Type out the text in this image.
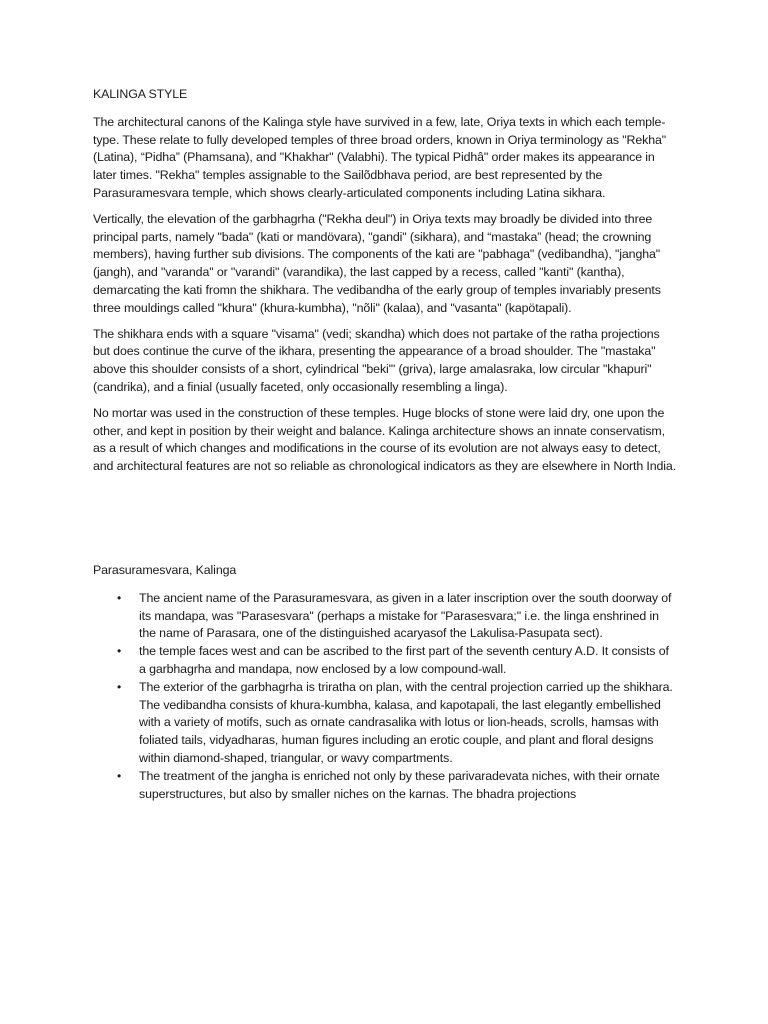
KALINGA STYLE

The architectural canons of the Kalinga style have survived in a few, late, Oriya texts in which each temple-type. These relate to fully developed temples of three broad orders, known in Oriya terminology as "Rekha" (Latina), “Pidha” (Phamsana), and "Khakhar" (Valabhi). The typical Pidhâ" order makes its appearance in later times. "Rekha" temples assignable to the Sailõdbhava period, are best represented by the Parasuramesvara temple, which shows clearly-articulated components including Latina sikhara.

Vertically, the elevation of the garbhagrha ("Rekha deul") in Oriya texts may broadly be divided into three principal parts, namely "bada" (kati or mandövara), "gandi" (sikhara), and “mastaka” (head; the crowning members), having further sub divisions. The components of the kati are "pabhaga" (vedibandha), "jangha" (jangh), and "varanda" or "varandi" (varandika), the last capped by a recess, called "kanti" (kantha), demarcating the kati fromn the shikhara. The vedibandha of the early group of temples invariably presents three mouldings called "khura" (khura-kumbha), "nõli" (kalaa), and "vasanta" (kapötapali).

The shikhara ends with a square "visama" (vedi; skandha) which does not partake of the ratha projections but does continue the curve of the ikhara, presenting the appearance of a broad shoulder. The "mastaka" above this shoulder consists of a short, cylindrical "beki'" (griva), large amalasraka, low circular "khapuri" (candrika), and a finial (usually faceted, only occasionally resembling a linga).

No mortar was used in the construction of these temples. Huge blocks of stone were laid dry, one upon the other, and kept in position by their weight and balance. Kalinga architecture shows an innate conservatism, as a result of which changes and modifications in the course of its evolution are not always easy to detect, and architectural features are not so reliable as chronological indicators as they are elsewhere in North India.

Parasuramesvara, Kalinga

• The ancient name of the Parasuramesvara, as given in a later inscription over the south doorway of its mandapa, was "Parasesvara" (perhaps a mistake for "Parasesvara;" i.e. the linga enshrined in the name of Parasara, one of the distinguished acaryasof the Lakulisa-Pasupata sect).
• the temple faces west and can be ascribed to the first part of the seventh century A.D. It consists of a garbhagrha and mandapa, now enclosed by a low compound-wall.
• The exterior of the garbhagrha is triratha on plan, with the central projection carried up the shikhara. The vedibandha consists of khura-kumbha, kalasa, and kapotapali, the last elegantly embellished with a variety of motifs, such as ornate candrasalika with lotus or lion-heads, scrolls, hamsas with foliated tails, vidyadharas, human figures including an erotic couple, and plant and floral designs within diamond-shaped, triangular, or wavy compartments.
• The treatment of the jangha is enriched not only by these parivaradevata niches, with their ornate superstructures, but also by smaller niches on the karnas. The bhadra projections
